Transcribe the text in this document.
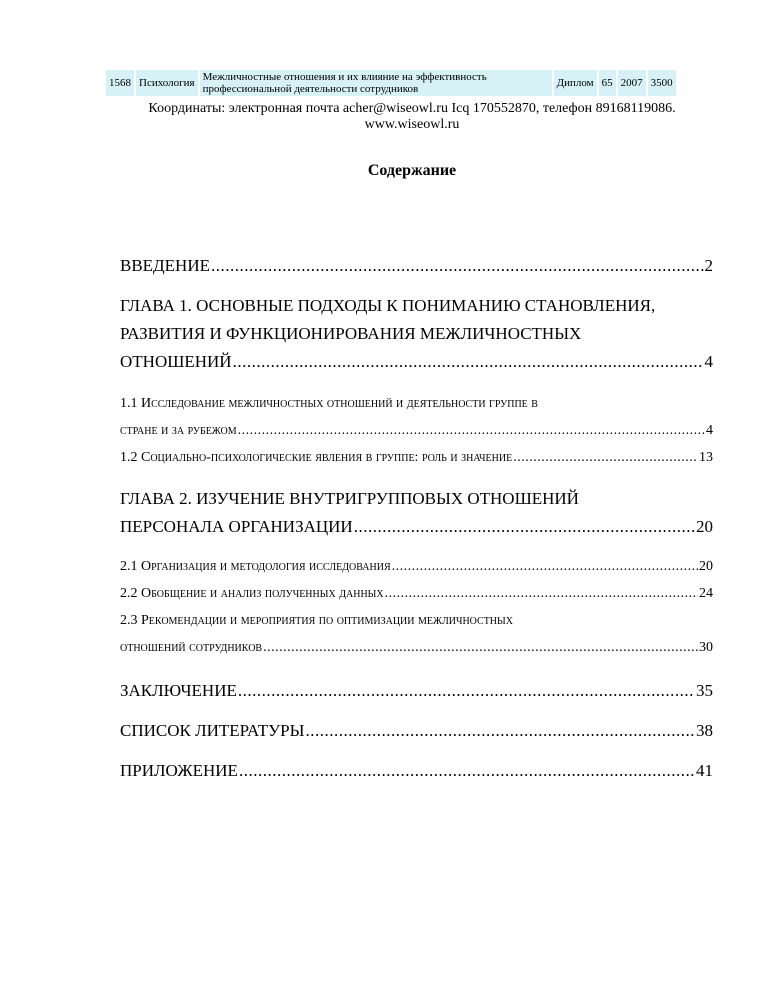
1568	Психология	Межличностные отношения и их влияние на эффективность
профессиональной деятельности сотрудников	Диплом	65	2007	3500
Координаты: электронная почта acher@wiseowl.ru Icq 170552870, телефон 89168119086.
www.wiseowl.ru
Содержание
ВВЕДЕНИЕ .....	2
ГЛАВА 1. ОСНОВНЫЕ ПОДХОДЫ К ПОНИМАНИЮ СТАНОВЛЕНИЯ,
РАЗВИТИЯ И ФУНКЦИОНИРОВАНИЯ МЕЖЛИЧНОСТНЫХ
ОТНОШЕНИЙ .....	4
1.1 Исследование межличностных отношений и деятельности группе в
стране и за рубежом .....	4
1.2 Социально-психологические явления в группе: роль и значение .....	13
ГЛАВА 2. ИЗУЧЕНИЕ ВНУТРИГРУППОВЫХ ОТНОШЕНИЙ
ПЕРСОНАЛА ОРГАНИЗАЦИИ .....	20
2.1 Организация и методология исследования .....	20
2.2 Обобщение и анализ полученных данных .....	24
2.3 Рекомендации и мероприятия по оптимизации межличностных
отношений сотрудников .....	30
ЗАКЛЮЧЕНИЕ .....	35
СПИСОК ЛИТЕРАТУРЫ .....	38
ПРИЛОЖЕНИЕ .....	41
